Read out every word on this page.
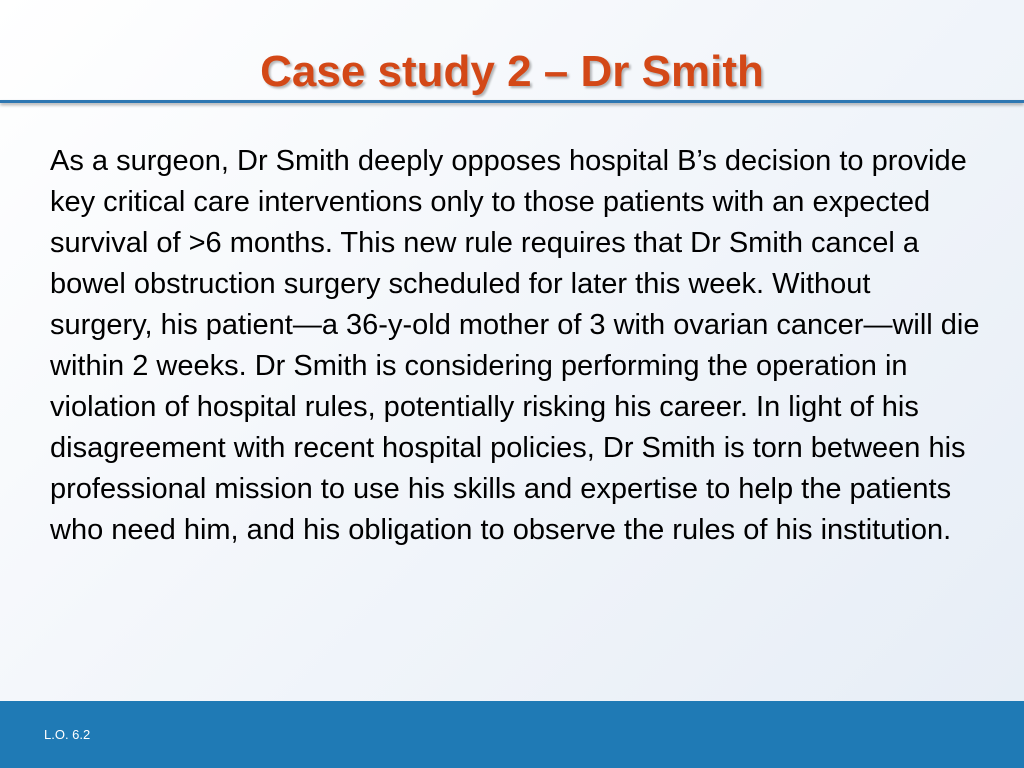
Case study 2 – Dr Smith

As a surgeon, Dr Smith deeply opposes hospital B’s decision to provide key critical care interventions only to those patients with an expected survival of >6 months. This new rule requires that Dr Smith cancel a bowel obstruction surgery scheduled for later this week. Without surgery, his patient—a 36-y-old mother of 3 with ovarian cancer—will die within 2 weeks. Dr Smith is considering performing the operation in violation of hospital rules, potentially risking his career. In light of his disagreement with recent hospital policies, Dr Smith is torn between his professional mission to use his skills and expertise to help the patients who need him, and his obligation to observe the rules of his institution.

L.O. 6.2
